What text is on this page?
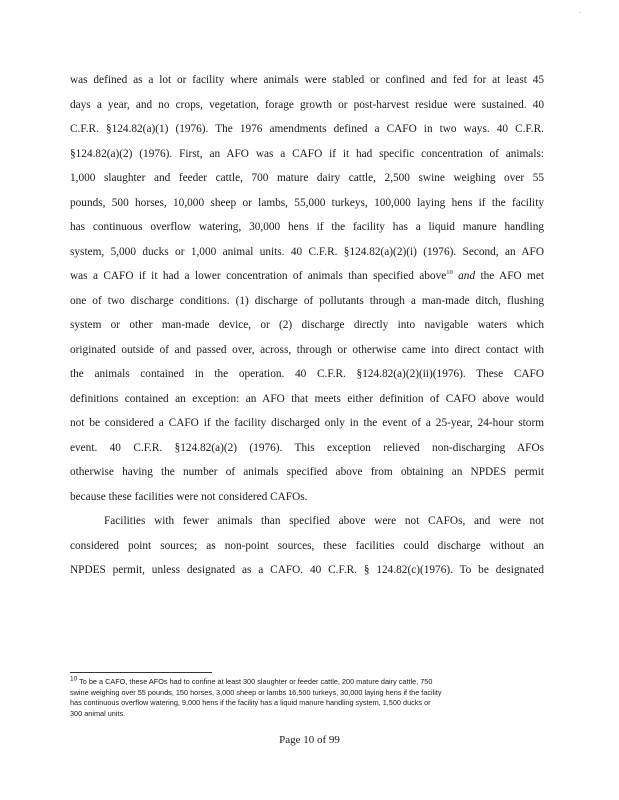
.
was defined as a lot or facility where animals were stabled or confined and fed for at least 45
days a year, and no crops, vegetation, forage growth or post-harvest residue were sustained. 40
C.F.R. §124.82(a)(1) (1976). The 1976 amendments defined a CAFO in two ways. 40 C.F.R.
§124.82(a)(2) (1976). First, an AFO was a CAFO if it had specific concentration of animals:
1,000 slaughter and feeder cattle, 700 mature dairy cattle, 2,500 swine weighing over 55
pounds, 500 horses, 10,000 sheep or lambs, 55,000 turkeys, 100,000 laying hens if the facility
has continuous overflow watering, 30,000 hens if the facility has a liquid manure handling
system, 5,000 ducks or 1,000 animal units. 40 C.F.R. §124.82(a)(2)(i) (1976). Second, an AFO
was a CAFO if it had a lower concentration of animals than specified above$^{10}$ and the AFO met
one of two discharge conditions. (1) discharge of pollutants through a man-made ditch, flushing
system or other man-made device, or (2) discharge directly into navigable waters which
originated outside of and passed over, across, through or otherwise came into direct contact with
the animals contained in the operation. 40 C.F.R. §124.82(a)(2)(ii)(1976). These CAFO
definitions contained an exception: an AFO that meets either definition of CAFO above would
not be considered a CAFO if the facility discharged only in the event of a 25-year, 24-hour storm
event. 40 C.F.R. §124.82(a)(2) (1976). This exception relieved non-discharging AFOs
otherwise having the number of animals specified above from obtaining an NPDES permit
because these facilities were not considered CAFOs.
Facilities with fewer animals than specified above were not CAFOs, and were not
considered point sources; as non-point sources, these facilities could discharge without an
NPDES permit, unless designated as a CAFO. 40 C.F.R. § 124.82(c)(1976). To be designated
$^{10}$ To be a CAFO, these AFOs had to confine at least 300 slaughter or feeder cattle, 200 mature dairy cattle, 750
swine weighing over 55 pounds, 150 horses, 3,000 sheep or lambs 16,500 turkeys, 30,000 laying hens if the facility
has continuous overflow watering, 9,000 hens if the facility has a liquid manure handling system, 1,500 ducks or
300 animal units.
Page 10 of 99
